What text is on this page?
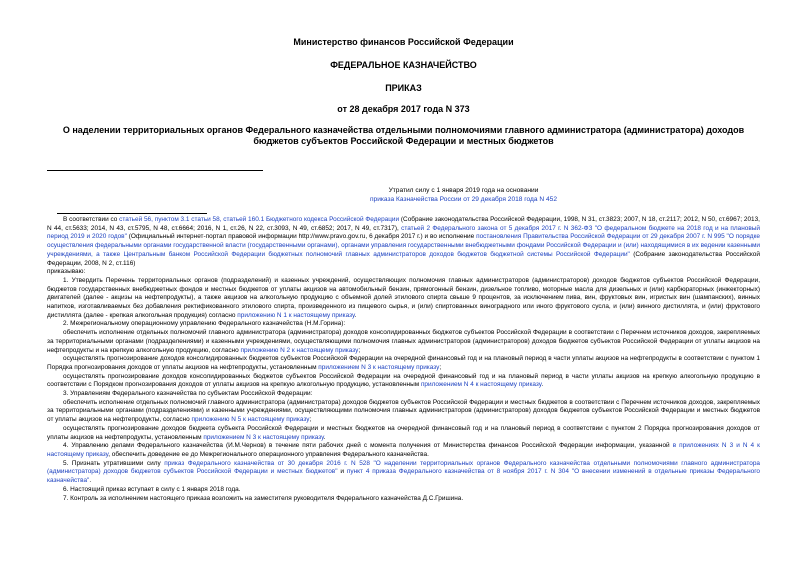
Министерство финансов Российской Федерации
ФЕДЕРАЛЬНОЕ КАЗНАЧЕЙСТВО
ПРИКАЗ
от 28 декабря 2017 года N 373
О наделении территориальных органов Федерального казначейства отдельными полномочиями главного администратора (администратора) доходов бюджетов субъектов Российской Федерации и местных бюджетов
Утратил силу с 1 января 2019 года на основании
приказа Казначейства России от 29 декабря 2018 года N 452

В соответствии со статьей 56, пунктом 3.1 статьи 58, статьей 160.1 Бюджетного кодекса Российской Федерации (Собрание законодательства Российской Федерации, 1998, N 31, ст.3823; 2007, N 18, ст.2117; 2012, N 50, ст.6967; 2013, N 44, ст.5633; 2014, N 43, ст.5795, N 48, ст.6664; 2016, N 1, ст.26, N 22, ст.3093, N 49, ст.6852; 2017, N 49, ст.7317), статьей 2 Федерального закона от 5 декабря 2017 г. N 362-ФЗ "О федеральном бюджете на 2018 год и на плановый период 2019 и 2020 годов" (Официальный интернет-портал правовой информации http://www.pravo.gov.ru, 6 декабря 2017 г.) и во исполнение постановления Правительства Российской Федерации от 29 декабря 2007 г. N 995 "О порядке осуществления федеральными органами государственной власти (государственными органами), органами управления государственными внебюджетными фондами Российской Федерации и (или) находящимися в их ведении казенными учреждениями, а также Центральным банком Российской Федерации бюджетных полномочий главных администраторов доходов бюджетов бюджетной системы Российской Федерации" (Собрание законодательства Российской Федерации, 2008, N 2, ст.116)

приказываю:

1. Утвердить Перечень территориальных органов (подразделений) и казенных учреждений, осуществляющих полномочия главных администраторов (администраторов) доходов бюджетов субъектов Российской Федерации, бюджетов государственных внебюджетных фондов и местных бюджетов от уплаты акцизов на автомобильный бензин, прямогонный бензин, дизельное топливо, моторные масла для дизельных и (или) карбюраторных (инжекторных) двигателей (далее - акцизы на нефтепродукты), а также акцизов на алкогольную продукцию с объемной долей этилового спирта свыше 9 процентов, за исключением пива, вин, фруктовых вин, игристых вин (шампанских), винных напитков, изготавливаемых без добавления ректификованного этилового спирта, произведенного из пищевого сырья, и (или) спиртованных виноградного или иного фруктового сусла, и (или) винного дистиллята, и (или) фруктового дистиллята (далее - крепкая алкогольная продукция) согласно приложению N 1 к настоящему приказу.

2. Межрегиональному операционному управлению Федерального казначейства (Н.М.Горина):

обеспечить исполнение отдельных полномочий главного администратора (администратора) доходов консолидированных бюджетов субъектов Российской Федерации в соответствии с Перечнем источников доходов, закрепляемых за территориальными органами (подразделениями) и казенными учреждениями, осуществляющими полномочия главных администраторов (администраторов) доходов бюджетов субъектов Российской Федерации от уплаты акцизов на нефтепродукты и на крепкую алкогольную продукцию, согласно приложению N 2 к настоящему приказу;

осуществлять прогнозирование доходов консолидированных бюджетов субъектов Российской Федерации на очередной финансовый год и на плановый период в части уплаты акцизов на нефтепродукты в соответствии с пунктом 1 Порядка прогнозирования доходов от уплаты акцизов на нефтепродукты, установленным приложением N 3 к настоящему приказу;

осуществлять прогнозирование доходов консолидированных бюджетов субъектов Российской Федерации на очередной финансовый год и на плановый период в части уплаты акцизов на крепкую алкогольную продукцию в соответствии с Порядком прогнозирования доходов от уплаты акцизов на крепкую алкогольную продукцию, установленным приложением N 4 к настоящему приказу.

3. Управлениям Федерального казначейства по субъектам Российской Федерации:

обеспечить исполнение отдельных полномочий главного администратора (администратора) доходов бюджетов субъектов Российской Федерации и местных бюджетов в соответствии с Перечнем источников доходов, закрепляемых за территориальными органами (подразделениями) и казенными учреждениями, осуществляющими полномочия главных администраторов (администраторов) доходов бюджетов субъектов Российской Федерации и местных бюджетов от уплаты акцизов на нефтепродукты, согласно приложению N 5 к настоящему приказу;

осуществлять прогнозирование доходов бюджета субъекта Российской Федерации и местных бюджетов на очередной финансовый год и на плановый период в соответствии с пунктом 2 Порядка прогнозирования доходов от уплаты акцизов на нефтепродукты, установленным приложением N 3 к настоящему приказу.

4. Управлению делами Федерального казначейства (И.М.Чернов) в течение пяти рабочих дней с момента получения от Министерства финансов Российской Федерации информации, указанной в приложениях N 3 и N 4 к настоящему приказу, обеспечить доведение ее до Межрегионального операционного управления Федерального казначейства.

5. Признать утратившими силу приказ Федерального казначейства от 30 декабря 2016 г. N 528 "О наделении территориальных органов Федерального казначейства отдельными полномочиями главного администратора (администратора) доходов бюджетов субъектов Российской Федерации и местных бюджетов" и пункт 4 приказа Федерального казначейства от 8 ноября 2017 г. N 304 "О внесении изменений в отдельные приказы Федерального казначейства".

6. Настоящий приказ вступает в силу с 1 января 2018 года.

7. Контроль за исполнением настоящего приказа возложить на заместителя руководителя Федерального казначейства Д.С.Гришина.
